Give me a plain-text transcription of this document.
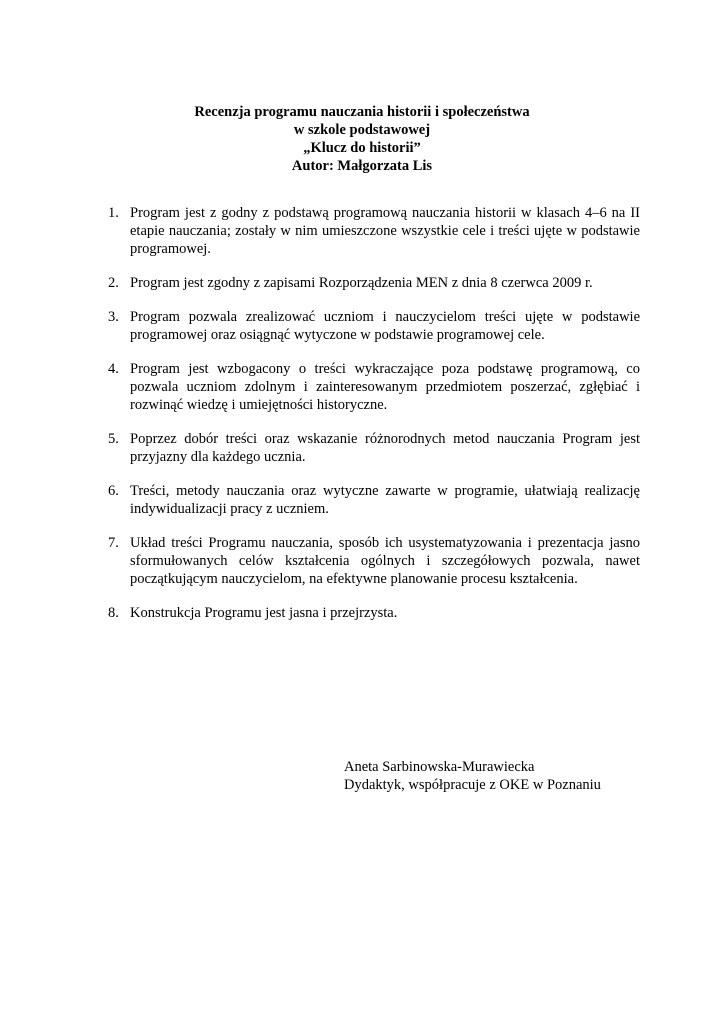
Recenzja programu nauczania historii i społeczeństwa
w szkole podstawowej
„Klucz do historii”
Autor: Małgorzata Lis
1. Program jest z godny z podstawą programową nauczania historii w klasach 4–6 na II etapie nauczania; zostały w nim umieszczone wszystkie cele i treści ujęte w podstawie programowej.
2. Program jest zgodny z zapisami Rozporządzenia MEN z dnia 8 czerwca 2009 r.
3. Program pozwala zrealizować uczniom i nauczycielom treści ujęte w podstawie programowej oraz osiągnąć wytyczone w podstawie programowej cele.
4. Program jest wzbogacony o treści wykraczające poza podstawę programową, co pozwala uczniom zdolnym i zainteresowanym przedmiotem poszerzać, zgłębiać i rozwinąć wiedzę i umiejętności historyczne.
5. Poprzez dobór treści oraz wskazanie różnorodnych metod nauczania Program jest przyjazny dla każdego ucznia.
6. Treści, metody nauczania oraz wytyczne zawarte w programie, ułatwiają realizację indywidualizacji pracy z uczniem.
7. Układ treści Programu nauczania, sposób ich usystematyzowania i prezentacja jasno sformułowanych celów kształcenia ogólnych i szczegółowych pozwala, nawet początkującym nauczycielom, na efektywne planowanie procesu kształcenia.
8. Konstrukcja Programu jest jasna i przejrzysta.
Aneta Sarbinowska-Murawiecka
Dydaktyk, współpracuje z OKE w Poznaniu
